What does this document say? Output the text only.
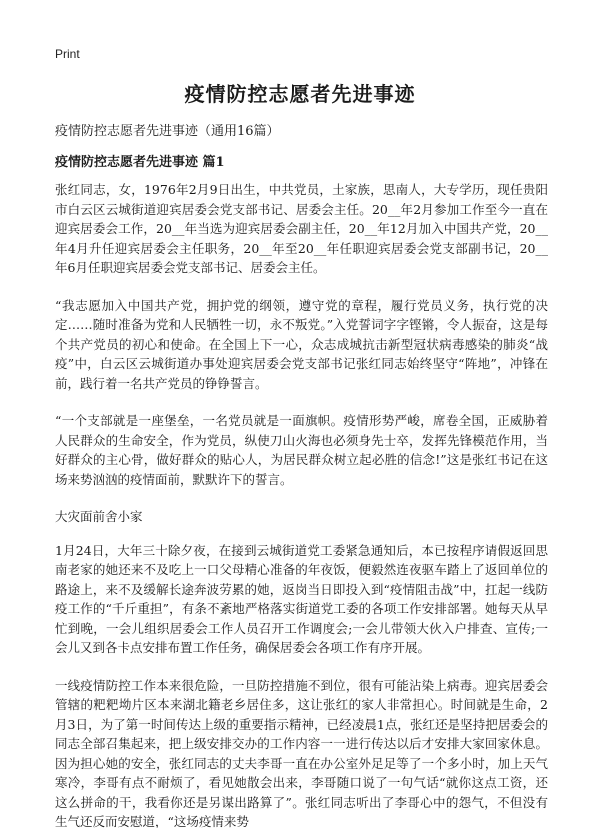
Print
疫情防控志愿者先进事迹

疫情防控志愿者先进事迹（通用16篇）

疫情防控志愿者先进事迹 篇1

张红同志，女，1976年2月9日出生，中共党员，土家族，思南人，大专学历，现任贵阳市白云区云城街道迎宾居委会党支部书记、居委会主任。20__年2月参加工作至今一直在迎宾居委会工作，20__年当选为迎宾居委会副主任，20__年12月加入中国共产党，20__年4月升任迎宾居委会主任职务，20__年至20__年任职迎宾居委会党支部副书记，20__年6月任职迎宾居委会党支部书记、居委会主任。

“我志愿加入中国共产党，拥护党的纲领，遵守党的章程，履行党员义务，执行党的决定……随时准备为党和人民牺牲一切，永不叛党。”入党誓词字字铿锵，令人振奋，这是每个共产党员的初心和使命。在全国上下一心，众志成城抗击新型冠状病毒感染的肺炎“战疫”中，白云区云城街道办事处迎宾居委会党支部书记张红同志始终坚守“阵地”，冲锋在前，践行着一名共产党员的铮铮誓言。

“一个支部就是一座堡垒，一名党员就是一面旗帜。疫情形势严峻，席卷全国，正威胁着人民群众的生命安全，作为党员，纵使刀山火海也必须身先士卒，发挥先锋模范作用，当好群众的主心骨，做好群众的贴心人，为居民群众树立起必胜的信念!”这是张红书记在这场来势汹汹的疫情面前，默默许下的誓言。

大灾面前舍小家

1月24日，大年三十除夕夜，在接到云城街道党工委紧急通知后，本已按程序请假返回思南老家的她还来不及吃上一口父母精心准备的年夜饭，便毅然连夜驱车踏上了返回单位的路途上，来不及缓解长途奔波劳累的她，返岗当日即投入到“疫情阻击战”中，扛起一线防疫工作的“千斤重担”，有条不紊地严格落实街道党工委的各项工作安排部署。她每天从早忙到晚，一会儿组织居委会工作人员召开工作调度会;一会儿带领大伙入户排查、宣传;一会儿又到各卡点安排布置工作任务，确保居委会各项工作有序开展。

一线疫情防控工作本来很危险，一旦防控措施不到位，很有可能沾染上病毒。迎宾居委会管辖的粑粑坳片区本来湖北籍老乡居住多，这让张红的家人非常担心。时间就是生命，2月3日，为了第一时间传达上级的重要指示精神，已经凌晨1点，张红还是坚持把居委会的同志全部召集起来，把上级安排交办的工作内容一一进行传达以后才安排大家回家休息。因为担心她的安全，张红同志的丈夫李哥一直在办公室外足足等了一个多小时，加上天气寒冷，李哥有点不耐烦了，看见她散会出来，李哥随口说了一句气话“就你这点工资，还这么拼命的干，我看你还是另谋出路算了”。张红同志听出了李哥心中的怨气，不但没有生气还反而安慰道，“这场疫情来势
